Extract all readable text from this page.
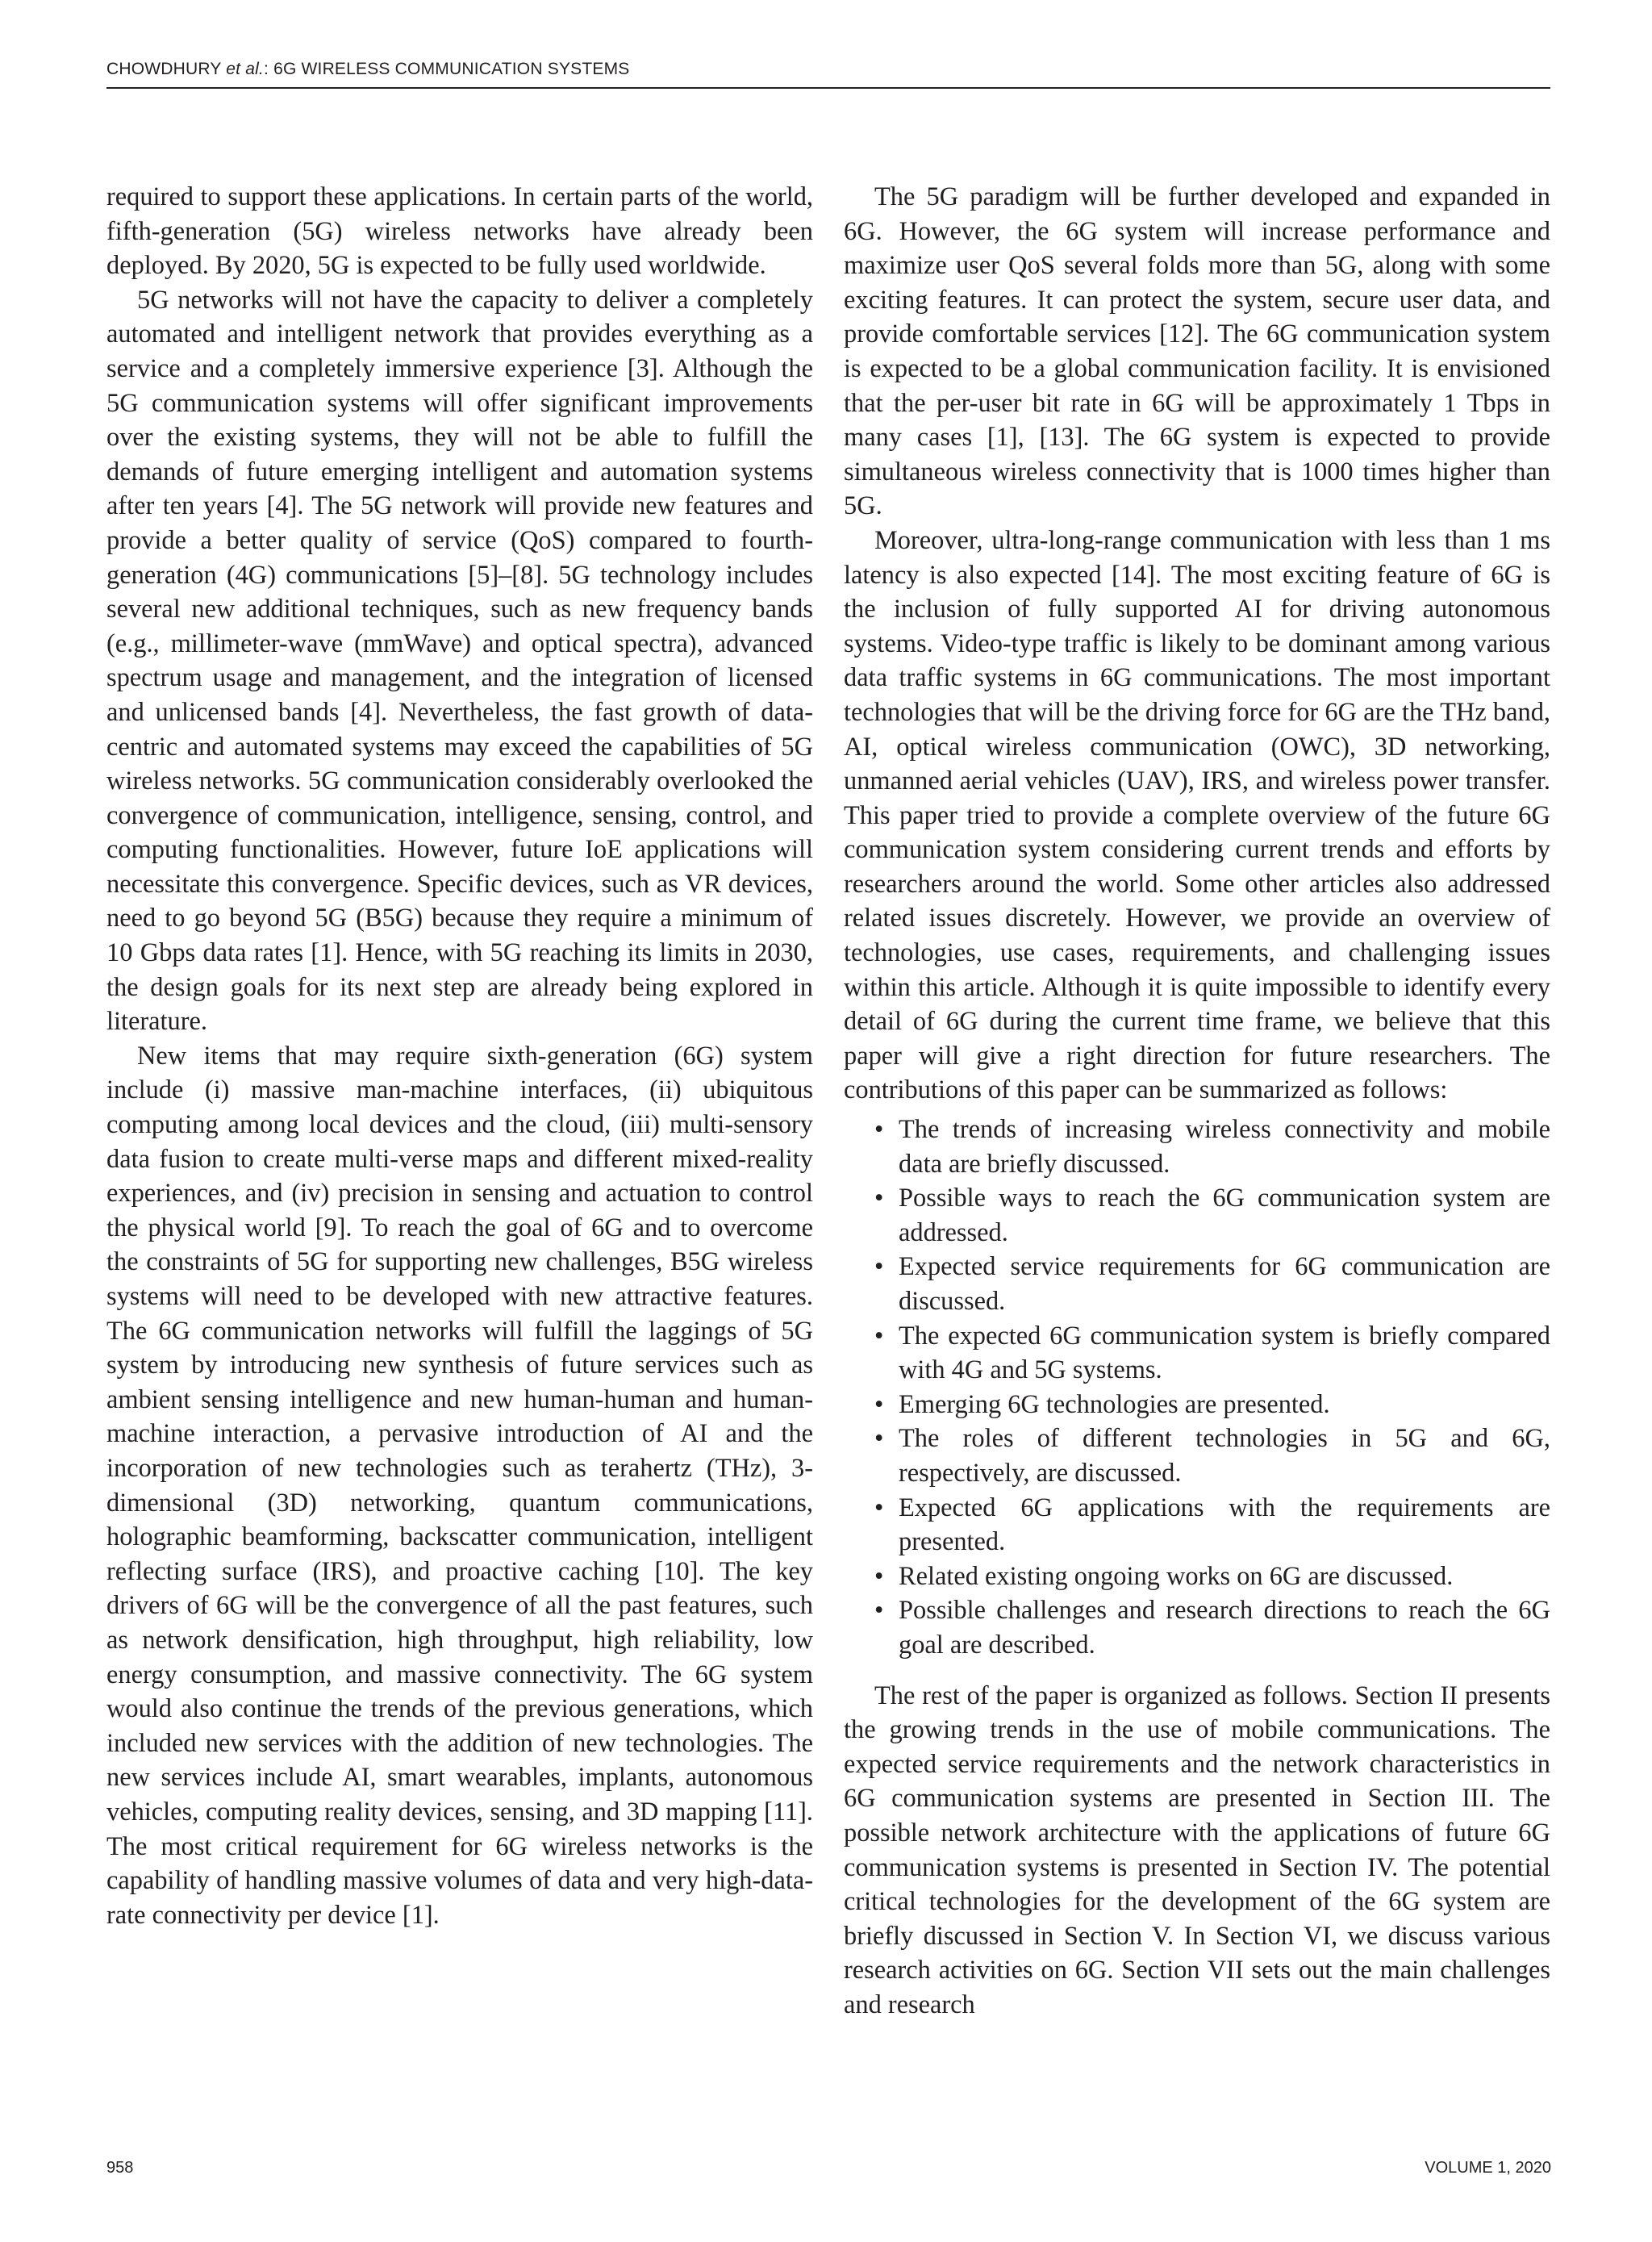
CHOWDHURY et al.: 6G WIRELESS COMMUNICATION SYSTEMS

required to support these applications. In certain parts of the world, fifth-generation (5G) wireless networks have already been deployed. By 2020, 5G is expected to be fully used worldwide.

5G networks will not have the capacity to deliver a completely automated and intelligent network that provides everything as a service and a completely immersive experience [3]. Although the 5G communication systems will offer significant improvements over the existing systems, they will not be able to fulfill the demands of future emerging intelligent and automation systems after ten years [4]. The 5G network will provide new features and provide a better quality of service (QoS) compared to fourth-generation (4G) communications [5]–[8]. 5G technology includes several new additional techniques, such as new frequency bands (e.g., millimeter-wave (mmWave) and optical spectra), advanced spectrum usage and management, and the integration of licensed and unlicensed bands [4]. Nevertheless, the fast growth of data-centric and automated systems may exceed the capabilities of 5G wireless networks. 5G communication considerably overlooked the convergence of communication, intelligence, sensing, control, and computing functionalities. However, future IoE applications will necessitate this convergence. Specific devices, such as VR devices, need to go beyond 5G (B5G) because they require a minimum of 10 Gbps data rates [1]. Hence, with 5G reaching its limits in 2030, the design goals for its next step are already being explored in literature.

New items that may require sixth-generation (6G) system include (i) massive man-machine interfaces, (ii) ubiquitous computing among local devices and the cloud, (iii) multi-sensory data fusion to create multi-verse maps and different mixed-reality experiences, and (iv) precision in sensing and actuation to control the physical world [9]. To reach the goal of 6G and to overcome the constraints of 5G for supporting new challenges, B5G wireless systems will need to be developed with new attractive features. The 6G communication networks will fulfill the laggings of 5G system by introducing new synthesis of future services such as ambient sensing intelligence and new human-human and human-machine interaction, a pervasive introduction of AI and the incorporation of new technologies such as terahertz (THz), 3-dimensional (3D) networking, quantum communications, holographic beamforming, backscatter communication, intelligent reflecting surface (IRS), and proactive caching [10]. The key drivers of 6G will be the convergence of all the past features, such as network densification, high throughput, high reliability, low energy consumption, and massive connectivity. The 6G system would also continue the trends of the previous generations, which included new services with the addition of new technologies. The new services include AI, smart wearables, implants, autonomous vehicles, computing reality devices, sensing, and 3D mapping [11]. The most critical requirement for 6G wireless networks is the capability of handling massive volumes of data and very high-data-rate connectivity per device [1].

The 5G paradigm will be further developed and expanded in 6G. However, the 6G system will increase performance and maximize user QoS several folds more than 5G, along with some exciting features. It can protect the system, secure user data, and provide comfortable services [12]. The 6G communication system is expected to be a global communication facility. It is envisioned that the per-user bit rate in 6G will be approximately 1 Tbps in many cases [1], [13]. The 6G system is expected to provide simultaneous wireless connectivity that is 1000 times higher than 5G.

Moreover, ultra-long-range communication with less than 1 ms latency is also expected [14]. The most exciting feature of 6G is the inclusion of fully supported AI for driving autonomous systems. Video-type traffic is likely to be dominant among various data traffic systems in 6G communications. The most important technologies that will be the driving force for 6G are the THz band, AI, optical wireless communication (OWC), 3D networking, unmanned aerial vehicles (UAV), IRS, and wireless power transfer. This paper tried to provide a complete overview of the future 6G communication system considering current trends and efforts by researchers around the world. Some other articles also addressed related issues discretely. However, we provide an overview of technologies, use cases, requirements, and challenging issues within this article. Although it is quite impossible to identify every detail of 6G during the current time frame, we believe that this paper will give a right direction for future researchers. The contributions of this paper can be summarized as follows:

• The trends of increasing wireless connectivity and mobile data are briefly discussed.
• Possible ways to reach the 6G communication system are addressed.
• Expected service requirements for 6G communication are discussed.
• The expected 6G communication system is briefly compared with 4G and 5G systems.
• Emerging 6G technologies are presented.
• The roles of different technologies in 5G and 6G, respectively, are discussed.
• Expected 6G applications with the requirements are presented.
• Related existing ongoing works on 6G are discussed.
• Possible challenges and research directions to reach the 6G goal are described.

The rest of the paper is organized as follows. Section II presents the growing trends in the use of mobile communications. The expected service requirements and the network characteristics in 6G communication systems are presented in Section III. The possible network architecture with the applications of future 6G communication systems is presented in Section IV. The potential critical technologies for the development of the 6G system are briefly discussed in Section V. In Section VI, we discuss various research activities on 6G. Section VII sets out the main challenges and research

958	VOLUME 1, 2020
